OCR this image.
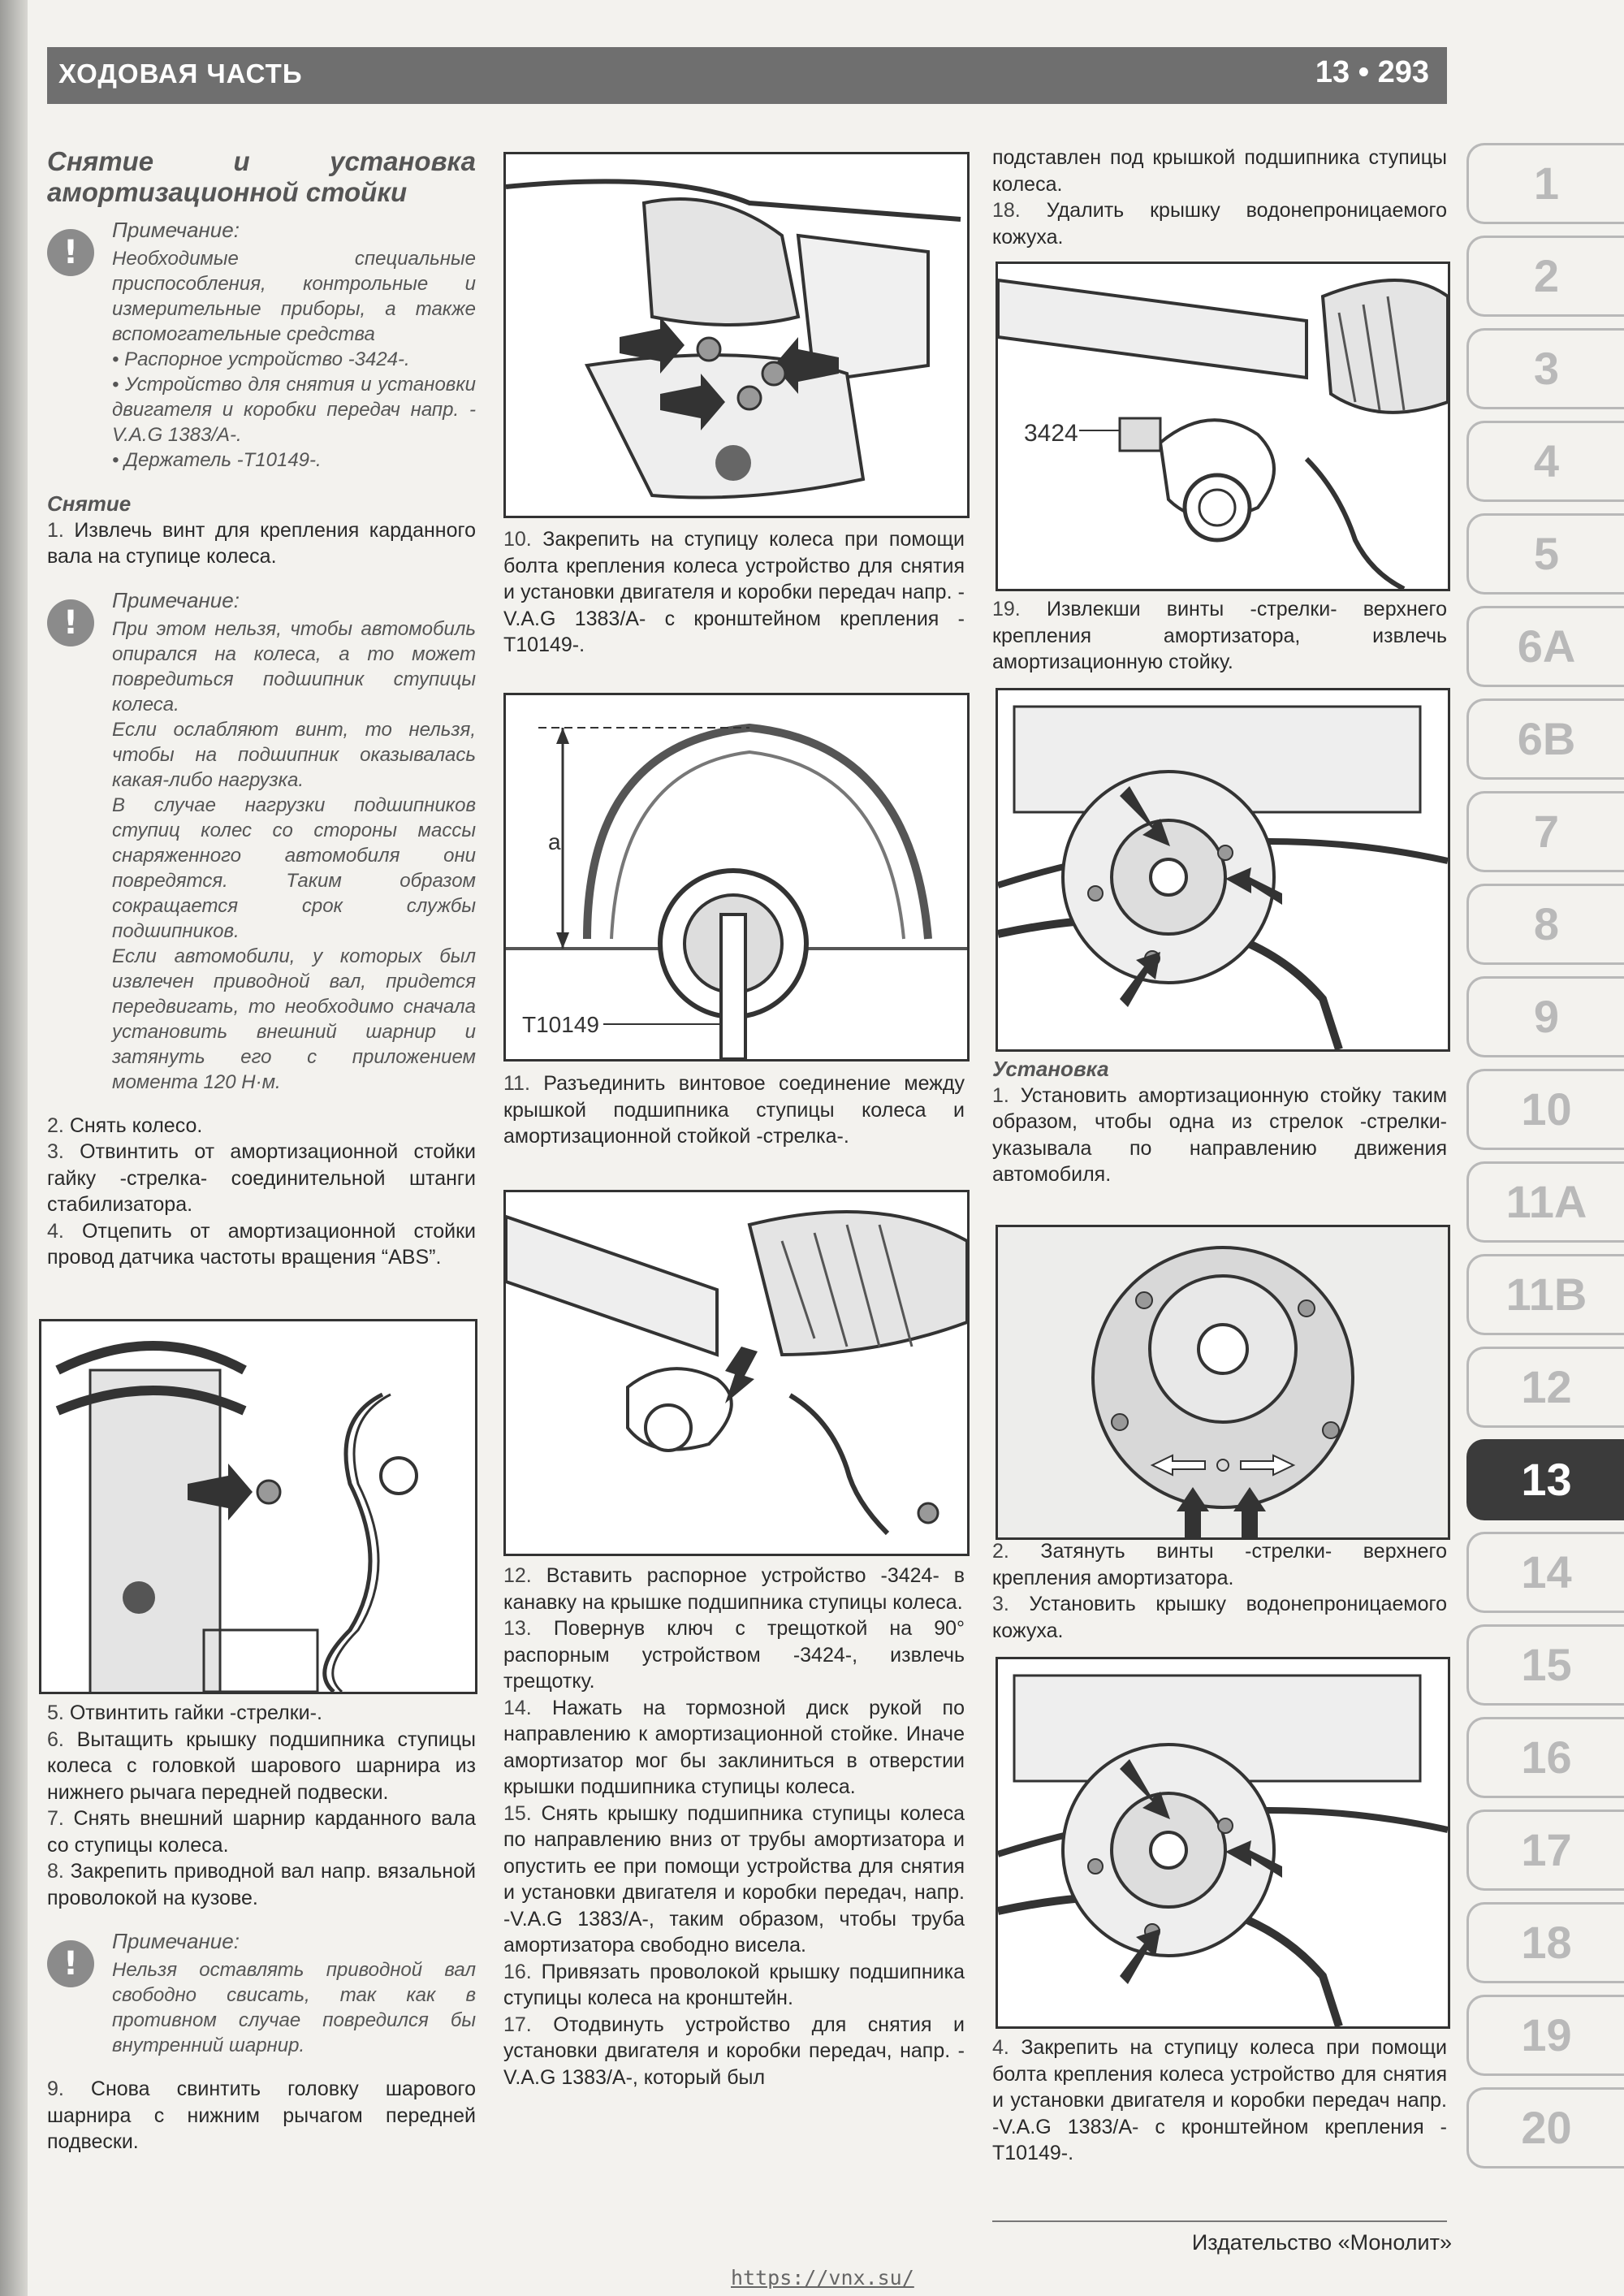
ХОДОВАЯ ЧАСТЬ	13 • 293

Снятие и установка амортизационной стойки

!
Примечание:
Необходимые специальные приспособления, контрольные и измерительные приборы, а также вспомогательные средства
• Распорное устройство -3424-.
• Устройство для снятия и установки двигателя и коробки передач напр. -V.A.G 1383/A-.
• Держатель -T10149-.

Снятие

1. Извлечь винт для крепления карданного вала на ступице колеса.

!
Примечание:
При этом нельзя, чтобы автомобиль опирался на колеса, а то может повредиться подшипник ступицы колеса.
Если ослабляют винт, то нельзя, чтобы на подшипник оказывалась какая-либо нагрузка.
В случае нагрузки подшипников ступиц колес со стороны массы снаряженного автомобиля они повредятся. Таким образом сокращается срок службы подшипников.
Если автомобили, у которых был извлечен приводной вал, придется передвигать, то необходимо сначала установить внешний шарнир и затянуть его с приложением момента 120 Н·м.

2. Снять колесо.

3. Отвинтить от амортизационной стойки гайку -стрелка- соединительной штанги стабилизатора.

4. Отцепить от амортизационной стойки провод датчика частоты вращения “ABS”.

5. Отвинтить гайки -стрелки-.

6. Вытащить крышку подшипника ступицы колеса с головкой шарового шарнира из нижнего рычага передней подвески.

7. Снять внешний шарнир карданного вала со ступицы колеса.

8. Закрепить приводной вал напр. вязальной проволокой на кузове.

!
Примечание:
Нельзя оставлять приводной вал свободно свисать, так как в противном случае повредился бы внутренний шарнир.

9. Снова свинтить головку шарового шарнира с нижним рычагом передней подвески.

10. Закрепить на ступицу колеса при помощи болта крепления колеса устройство для снятия и установки двигателя и коробки передач напр. -V.A.G 1383/A- с кронштейном крепления -T10149-.

a
T10149

11. Разъединить винтовое соединение между крышкой подшипника ступицы колеса и амортизационной стойкой -стрелка-.

12. Вставить распорное устройство -3424- в канавку на крышке подшипника ступицы колеса.

13. Повернув ключ с трещоткой на 90° распорным устройством -3424-, извлечь трещотку.

14. Нажать на тормозной диск рукой по направлению к амортизационной стойке. Иначе амортизатор мог бы заклиниться в отверстии крышки подшипника ступицы колеса.

15. Снять крышку подшипника ступицы колеса по направлению вниз от трубы амортизатора и опустить ее при помощи устройства для снятия и установки двигателя и коробки передач, напр. -V.A.G 1383/A-, таким образом, чтобы труба амортизатора свободно висела.

16. Привязать проволокой крышку подшипника ступицы колеса на кронштейн.

17. Отодвинуть устройство для снятия и установки двигателя и коробки передач, напр. -V.A.G 1383/A-, который был

подставлен под крышкой подшипника ступицы колеса.

18. Удалить крышку водонепроницаемого кожуха.

3424

19. Извлекши винты -стрелки- верхнего крепления амортизатора, извлечь амортизационную стойку.

Установка

1. Установить амортизационную стойку таким образом, чтобы одна из стрелок -стрелки- указывала по направлению движения автомобиля.

2. Затянуть винты -стрелки- верхнего крепления амортизатора.

3. Установить крышку водонепроницаемого кожуха.

4. Закрепить на ступицу колеса при помощи болта крепления колеса устройство для снятия и установки двигателя и коробки передач напр. -V.A.G 1383/A- с кронштейном крепления -T10149-.

1
2
3
4
5
6A
6B
7
8
9
10
11A
11B
12
13
14
15
16
17
18
19
20
Издательство «Монолит»
https://vnx.su/
